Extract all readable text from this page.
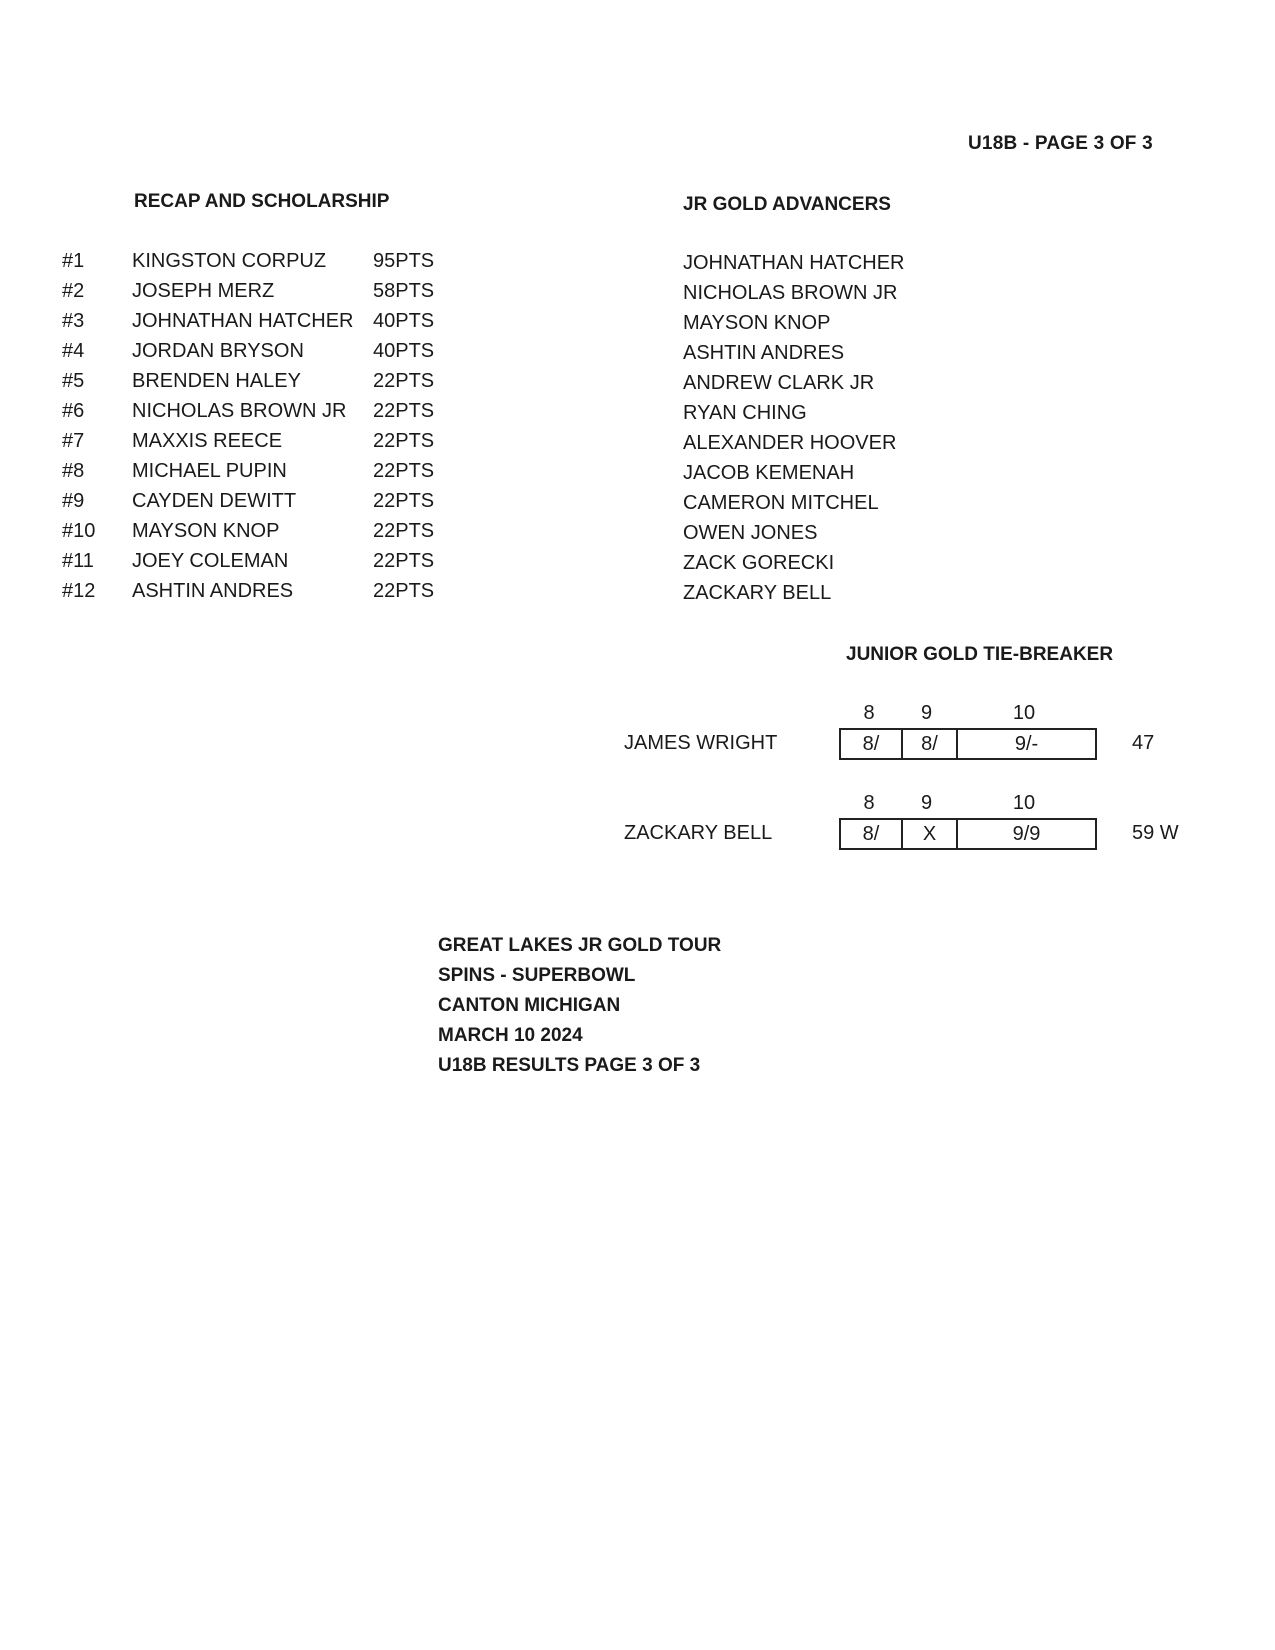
U18B - PAGE 3 OF 3
RECAP AND SCHOLARSHIP	JR GOLD ADVANCERS
#1 KINGSTON CORPUZ 95PTS
#2 JOSEPH MERZ	58PTS
#3 JOHNATHAN HATCHER 40PTS
#4 JORDAN BRYSON	40PTS
#5 BRENDEN HALEY	22PTS
#6 NICHOLAS BROWN JR 22PTS
#7 MAXXIS REECE	22PTS
#8 MICHAEL PUPIN	22PTS
#9 CAYDEN DEWITT	22PTS
#10 MAYSON KNOP	22PTS
#11 JOEY COLEMAN	22PTS
#12 ASHTIN ANDRES	22PTS
JOHNATHAN HATCHER
NICHOLAS BROWN JR
MAYSON KNOP
ASHTIN ANDRES
ANDREW CLARK JR
RYAN CHING
ALEXANDER HOOVER
JACOB KEMENAH
CAMERON MITCHEL
OWEN JONES
ZACK GORECKI
ZACKARY BELL
JUNIOR GOLD TIE-BREAKER
8	9	10
JAMES WRIGHT	8/	8/	9/-	47
8	9	10
ZACKARY BELL	8/	X	9/9	59 W
GREAT LAKES JR GOLD TOUR
SPINS - SUPERBOWL
CANTON MICHIGAN
MARCH 10 2024
U18B RESULTS PAGE 3 OF 3
